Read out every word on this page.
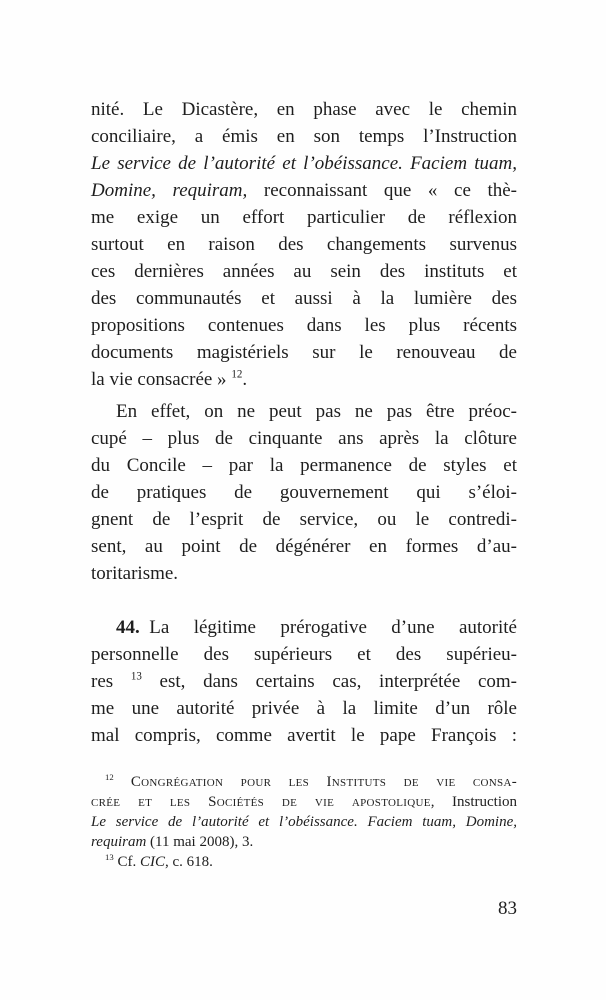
nité. Le Dicastère, en phase avec le chemin
conciliaire, a émis en son temps l’Instruction
Le service de l’autorité et l’obéissance. Faciem tuam,
Domine, requiram, reconnaissant que « ce thè-
me exige un effort particulier de réflexion
surtout en raison des changements survenus
ces dernières années au sein des instituts et
des communautés et aussi à la lumière des
propositions contenues dans les plus récents
documents magistériels sur le renouveau de
la vie consacrée » $^{12}$.
En effet, on ne peut pas ne pas être préoc-
cupé – plus de cinquante ans après la clôture
du Concile – par la permanence de styles et
de pratiques de gouvernement qui s’éloi-
gnent de l’esprit de service, ou le contredi-
sent, au point de dégénérer en formes d’au-
toritarisme.
44. La légitime prérogative d’une autorité
personnelle des supérieurs et des supérieu-
res $^{13}$ est, dans certains cas, interprétée com-
me une autorité privée à la limite d’un rôle
mal compris, comme avertit le pape François :
$^{12}$ Congrégation pour les Instituts de vie consa-
crée et les Sociétés de vie apostolique, Instruction
Le service de l’autorité et l’obéissance. Faciem tuam, Domine,
requiram (11 mai 2008), 3.
$^{13}$ Cf. CIC, c. 618.
83
